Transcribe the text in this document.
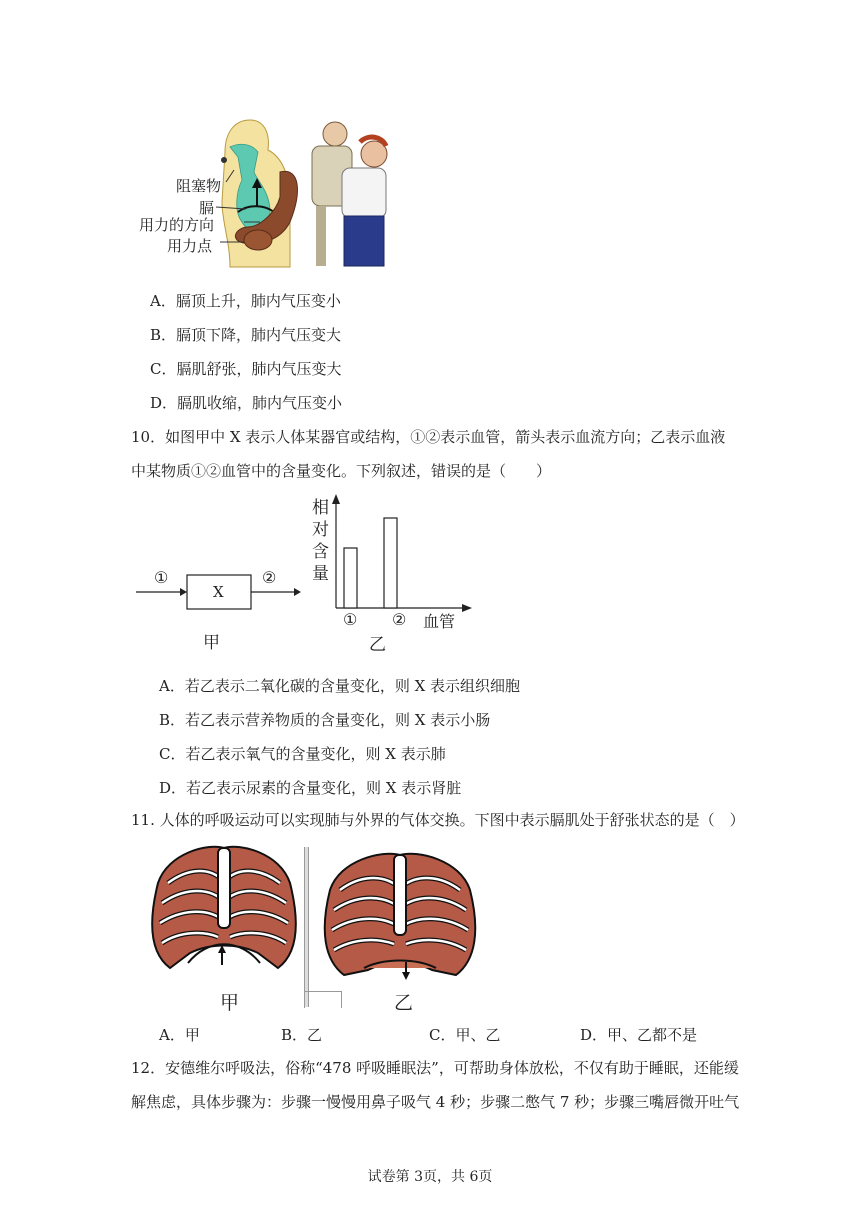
阻塞物
膈
用力的方向
用力点
A．膈顶上升，肺内气压变小
B．膈顶下降，肺内气压变大
C．膈肌舒张，肺内气压变大
D．膈肌收缩，肺内气压变小
10．如图甲中 X 表示人体某器官或结构，①②表示血管，箭头表示血流方向；乙表示血液
中某物质①②血管中的含量变化。下列叙述，错误的是（　　）
①
X
②
甲
相
对
含
量
① ② 血管
乙
A．若乙表示二氧化碳的含量变化，则 X 表示组织细胞
B．若乙表示营养物质的含量变化，则 X 表示小肠
C．若乙表示氧气的含量变化，则 X 表示肺
D．若乙表示尿素的含量变化，则 X 表示肾脏
11. 人体的呼吸运动可以实现肺与外界的气体交换。下图中表示膈肌处于舒张状态的是（　）
甲	乙
A．甲	B．乙	C．甲、乙	D．甲、乙都不是
12．安德维尔呼吸法，俗称“478 呼吸睡眠法”，可帮助身体放松，不仅有助于睡眠，还能缓
解焦虑，具体步骤为：步骤一慢慢用鼻子吸气 4 秒；步骤二憋气 7 秒；步骤三嘴唇微开吐气
试卷第 3页，共 6页
